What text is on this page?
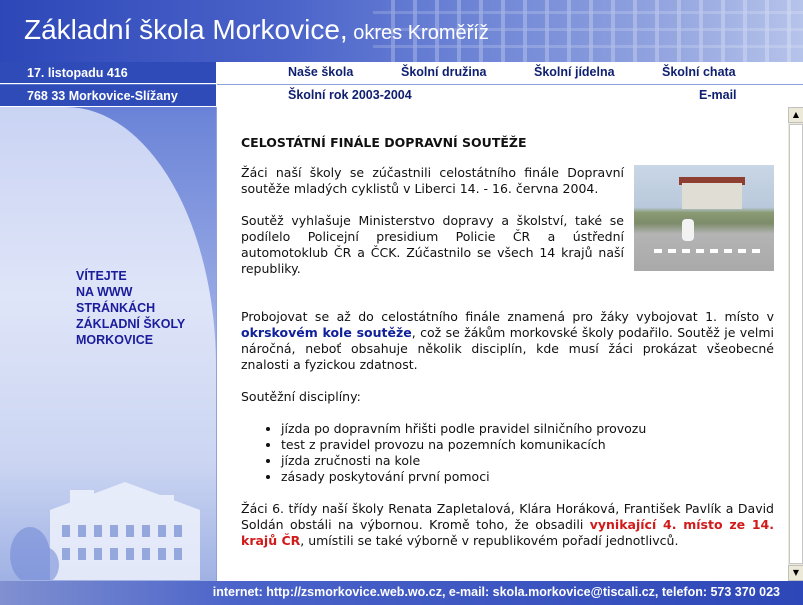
Základní škola Morkovice, okres Kroměříž
17. listopadu 416
768 33 Morkovice-Slížany
Naše škola	Školní družina	Školní jídelna	Školní chata
Školní rok 2003-2004	E-mail
VÍTEJTE
NA WWW
STRÁNKÁCH
ZÁKLADNÍ ŠKOLY
MORKOVICE
CELOSTÁTNÍ FINÁLE DOPRAVNÍ SOUTĚŽE

Žáci naší školy se zúčastnili celostátního finále Dopravní soutěže mladých cyklistů v Liberci 14. - 16. června 2004.

Soutěž vyhlašuje Ministerstvo dopravy a školství, také se podílelo Policejní presidium Policie ČR a ústřední automotoklub ČR a ČCK. Zúčastnilo se všech 14 krajů naší republiky.

Probojovat se až do celostátního finále znamená pro žáky vybojovat 1. místo v okrskovém kole soutěže, což se žákům morkovské školy podařilo. Soutěž je velmi náročná, neboť obsahuje několik disciplín, kde musí žáci prokázat všeobecné znalosti a fyzickou zdatnost.

Soutěžní disciplíny:

• jízda po dopravním hřišti podle pravidel silničního provozu
• test z pravidel provozu na pozemních komunikacích
• jízda zručnosti na kole
• zásady poskytování první pomoci

Žáci 6. třídy naší školy Renata Zapletalová, Klára Horáková, František Pavlík a David Soldán obstáli na výbornou. Kromě toho, že obsadili vynikající 4. místo ze 14. krajů ČR, umístili se také výborně v republikovém pořadí jednotlivců.

▲
▼
internet: http://zsmorkovice.web.wo.cz, e-mail: skola.morkovice@tiscali.cz, telefon: 573 370 023
